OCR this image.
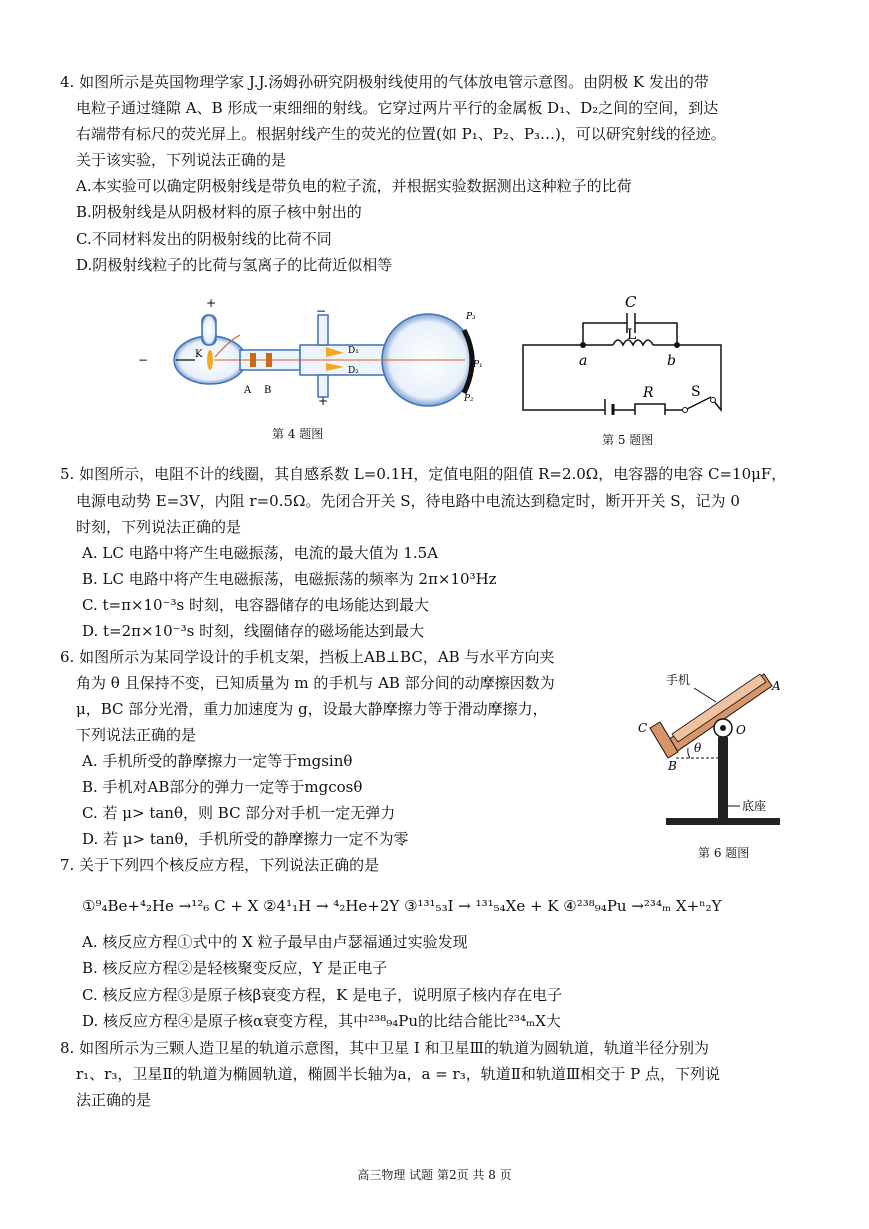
4. 如图所示是英国物理学家 J.J.汤姆孙研究阴极射线使用的气体放电管示意图。由阴极 K 发出的带
电粒子通过缝隙 A、B 形成一束细细的射线。它穿过两片平行的金属板 D₁、D₂之间的空间，到达
右端带有标尺的荧光屏上。根据射线产生的荧光的位置(如 P₁、P₂、P₃…)，可以研究射线的径迹。
关于该实验，下列说法正确的是
A.本实验可以确定阴极射线是带负电的粒子流，并根据实验数据测出这种粒子的比荷
B.阴极射线是从阴极材料的原子核中射出的
C.不同材料发出的阴极射线的比荷不同
D.阴极射线粒子的比荷与氢离子的比荷近似相等
+
−
+
−
K
A B
D₁
D₂
P₃
P₁
P₂
第 4 题图
C
L
a	b
R	S
第 5 题图
5. 如图所示，电阻不计的线圈，其自感系数 L=0.1H，定值电阻的阻值 R=2.0Ω，电容器的电容 C=10μF，
电源电动势 E=3V，内阻 r=0.5Ω。先闭合开关 S，待电路中电流达到稳定时，断开开关 S，记为 0
时刻，下列说法正确的是
A. LC 电路中将产生电磁振荡，电流的最大值为 1.5A
B. LC 电路中将产生电磁振荡，电磁振荡的频率为 2π×10³Hz
C. t=π×10⁻³s 时刻，电容器储存的电场能达到最大
D. t=2π×10⁻³s 时刻，线圈储存的磁场能达到最大
6. 如图所示为某同学设计的手机支架，挡板上AB⊥BC，AB 与水平方向夹
角为 θ 且保持不变，已知质量为 m 的手机与 AB 部分间的动摩擦因数为
μ，BC 部分光滑，重力加速度为 g，设最大静摩擦力等于滑动摩擦力，
下列说法正确的是
A. 手机所受的静摩擦力一定等于mgsinθ
B. 手机对AB部分的弹力一定等于mgcosθ
C. 若 μ> tanθ，则 BC 部分对手机一定无弹力
D. 若 μ> tanθ，手机所受的静摩擦力一定不为零
手机	A
C
B
O
θ
底座
第 6 题图
7. 关于下列四个核反应方程，下列说法正确的是
①⁹₄Be+⁴₂He →¹²₆ C + X ②4¹₁H → ⁴₂He+2Y ③¹³¹₅₃I → ¹³¹₅₄Xe + K ④²³⁸₉₄Pu →²³⁴ₘ X+ⁿ₂Y
A. 核反应方程①式中的 X 粒子最早由卢瑟福通过实验发现
B. 核反应方程②是轻核聚变反应，Y 是正电子
C. 核反应方程③是原子核β衰变方程，K 是电子，说明原子核内存在电子
D. 核反应方程④是原子核α衰变方程，其中²³⁸₉₄Pu的比结合能比²³⁴ₘX大
8. 如图所示为三颗人造卫星的轨道示意图，其中卫星 Ⅰ 和卫星Ⅲ的轨道为圆轨道，轨道半径分别为
r₁、r₃，卫星Ⅱ的轨道为椭圆轨道，椭圆半长轴为a，a = r₃，轨道Ⅱ和轨道Ⅲ相交于 P 点，下列说
法正确的是
高三物理 试题 第2页 共 8 页
